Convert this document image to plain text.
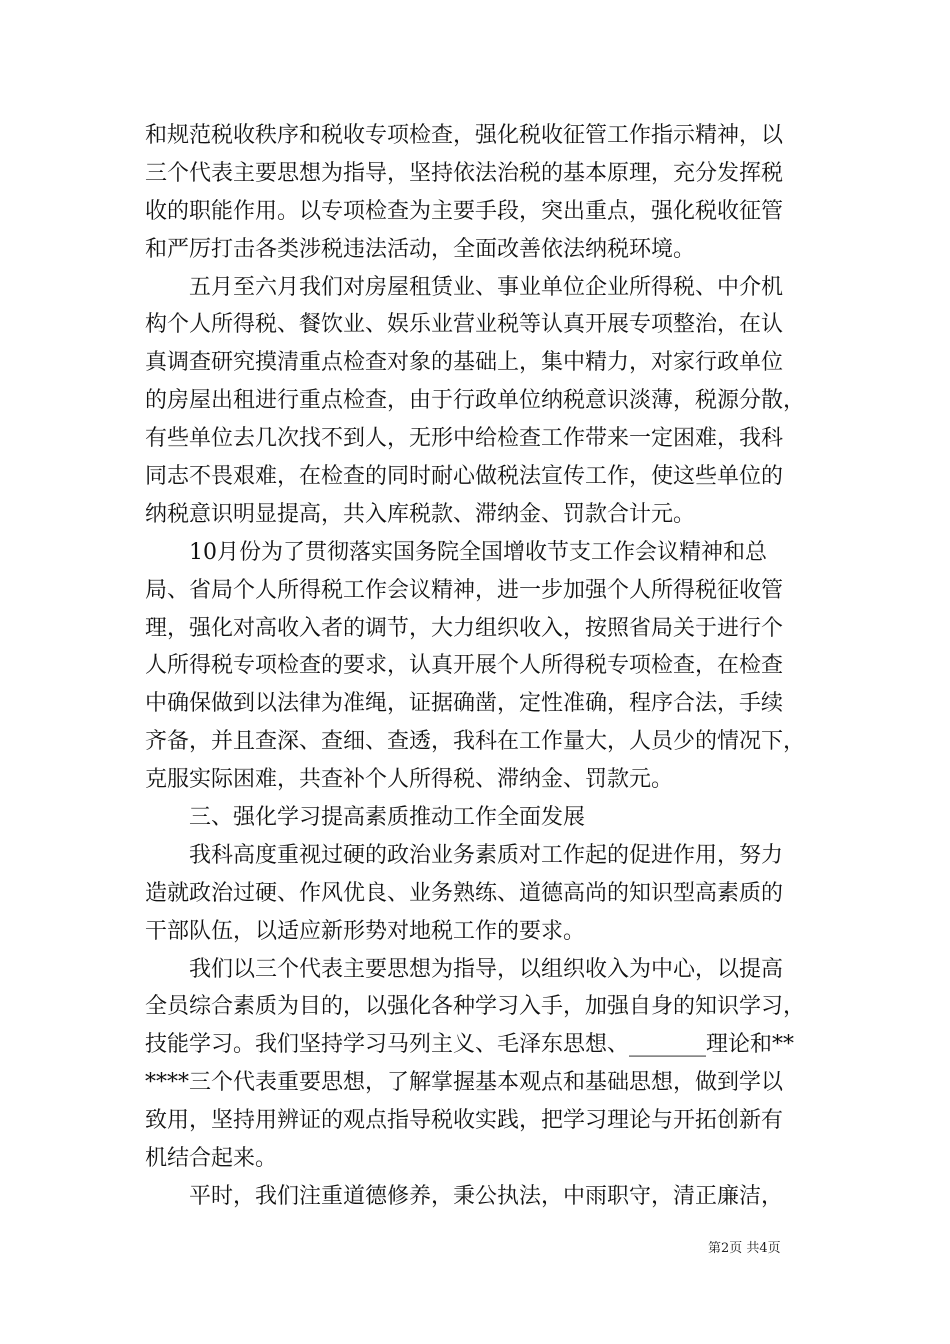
和规范税收秩序和税收专项检查，强化税收征管工作指示精神，以
三个代表主要思想为指导，坚持依法治税的基本原理，充分发挥税
收的职能作用。以专项检查为主要手段，突出重点，强化税收征管
和严厉打击各类涉税违法活动，全面改善依法纳税环境。
　　五月至六月我们对房屋租赁业、事业单位企业所得税、中介机
构个人所得税、餐饮业、娱乐业营业税等认真开展专项整治，在认
真调查研究摸清重点检查对象的基础上，集中精力，对家行政单位
的房屋出租进行重点检查，由于行政单位纳税意识淡薄，税源分散，
有些单位去几次找不到人，无形中给检查工作带来一定困难，我科
同志不畏艰难，在检查的同时耐心做税法宣传工作，使这些单位的
纳税意识明显提高，共入库税款、滞纳金、罚款合计元。
　　10月份为了贯彻落实国务院全国增收节支工作会议精神和总
局、省局个人所得税工作会议精神，进一步加强个人所得税征收管
理，强化对高收入者的调节，大力组织收入，按照省局关于进行个
人所得税专项检查的要求，认真开展个人所得税专项检查，在检查
中确保做到以法律为准绳，证据确凿，定性准确，程序合法，手续
齐备，并且查深、查细、查透，我科在工作量大，人员少的情况下，
克服实际困难，共查补个人所得税、滞纳金、罚款元。
　　三、强化学习提高素质推动工作全面发展
　　我科高度重视过硬的政治业务素质对工作起的促进作用，努力
造就政治过硬、作风优良、业务熟练、道德高尚的知识型高素质的
干部队伍，以适应新形势对地税工作的要求。
　　我们以三个代表主要思想为指导，以组织收入为中心，以提高
全员综合素质为目的，以强化各种学习入手，加强自身的知识学习，
技能学习。我们坚持学习马列主义、毛泽东思想、_______理论和**
****三个代表重要思想，了解掌握基本观点和基础思想，做到学以
致用，坚持用辨证的观点指导税收实践，把学习理论与开拓创新有
机结合起来。
　　平时，我们注重道德修养，秉公执法，中雨职守，清正廉洁，
第2页 共4页
